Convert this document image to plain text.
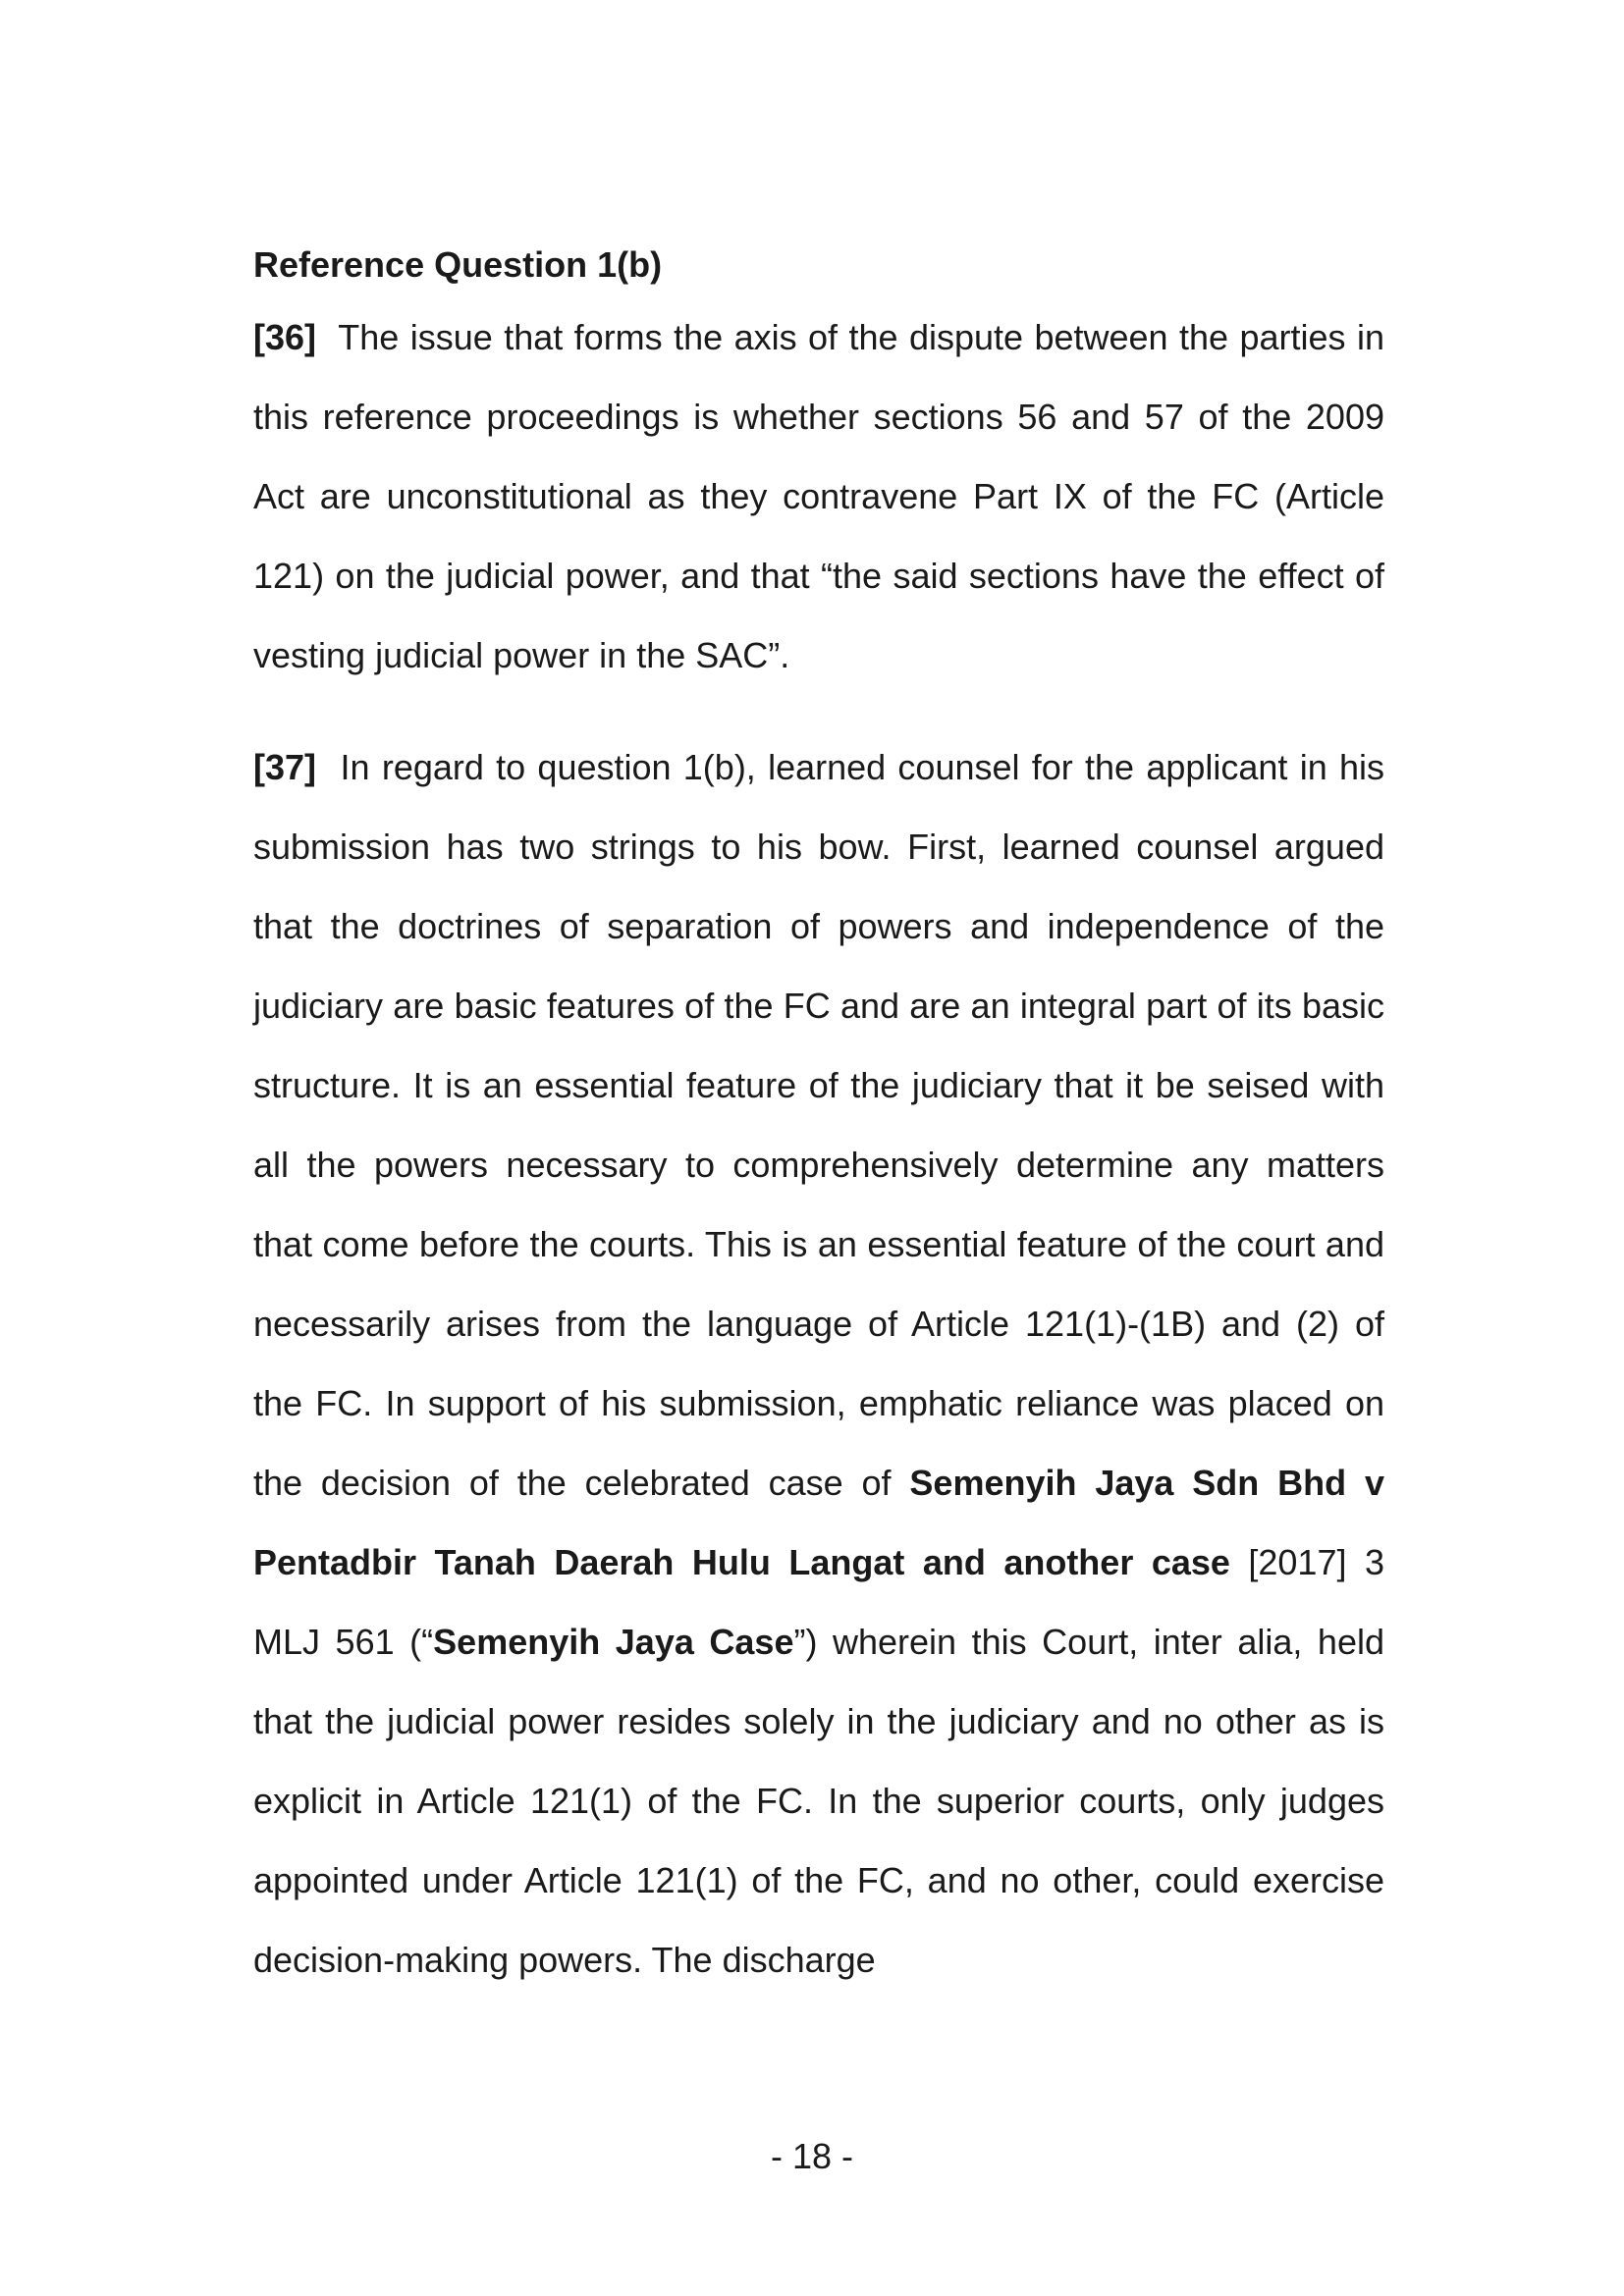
Reference Question 1(b)

[36] The issue that forms the axis of the dispute between the parties in this reference proceedings is whether sections 56 and 57 of the 2009 Act are unconstitutional as they contravene Part IX of the FC (Article 121) on the judicial power, and that “the said sections have the effect of vesting judicial power in the SAC”.

[37] In regard to question 1(b), learned counsel for the applicant in his submission has two strings to his bow. First, learned counsel argued that the doctrines of separation of powers and independence of the judiciary are basic features of the FC and are an integral part of its basic structure. It is an essential feature of the judiciary that it be seised with all the powers necessary to comprehensively determine any matters that come before the courts. This is an essential feature of the court and necessarily arises from the language of Article 121(1)-(1B) and (2) of the FC. In support of his submission, emphatic reliance was placed on the decision of the celebrated case of Semenyih Jaya Sdn Bhd v Pentadbir Tanah Daerah Hulu Langat and another case [2017] 3 MLJ 561 (“Semenyih Jaya Case”) wherein this Court, inter alia, held that the judicial power resides solely in the judiciary and no other as is explicit in Article 121(1) of the FC. In the superior courts, only judges appointed under Article 121(1) of the FC, and no other, could exercise decision-making powers. The discharge

- 18 -
